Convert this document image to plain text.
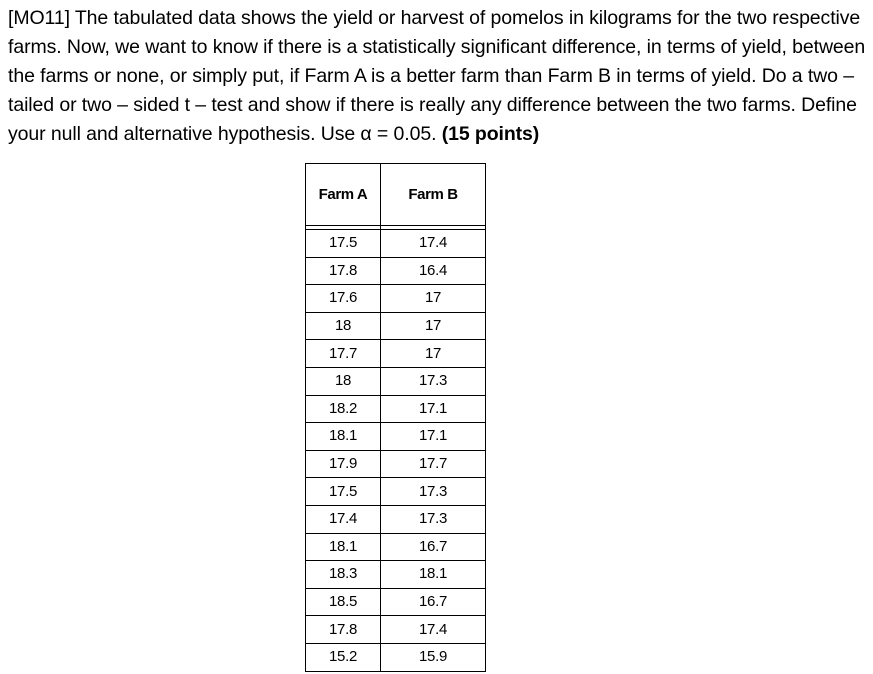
[MO11] The tabulated data shows the yield or harvest of pomelos in kilograms for the two respective farms. Now, we want to know if there is a statistically significant difference, in terms of yield, between the farms or none, or simply put, if Farm A is a better farm than Farm B in terms of yield. Do a two – tailed or two – sided t – test and show if there is really any difference between the two farms. Define your null and alternative hypothesis. Use α = 0.05. (15 points)

Farm A	Farm B

17.5	17.4
17.8	16.4
17.6	17
18	17
17.7	17
18	17.3
18.2	17.1
18.1	17.1
17.9	17.7
17.5	17.3
17.4	17.3
18.1	16.7
18.3	18.1
18.5	16.7
17.8	17.4
15.2	15.9
